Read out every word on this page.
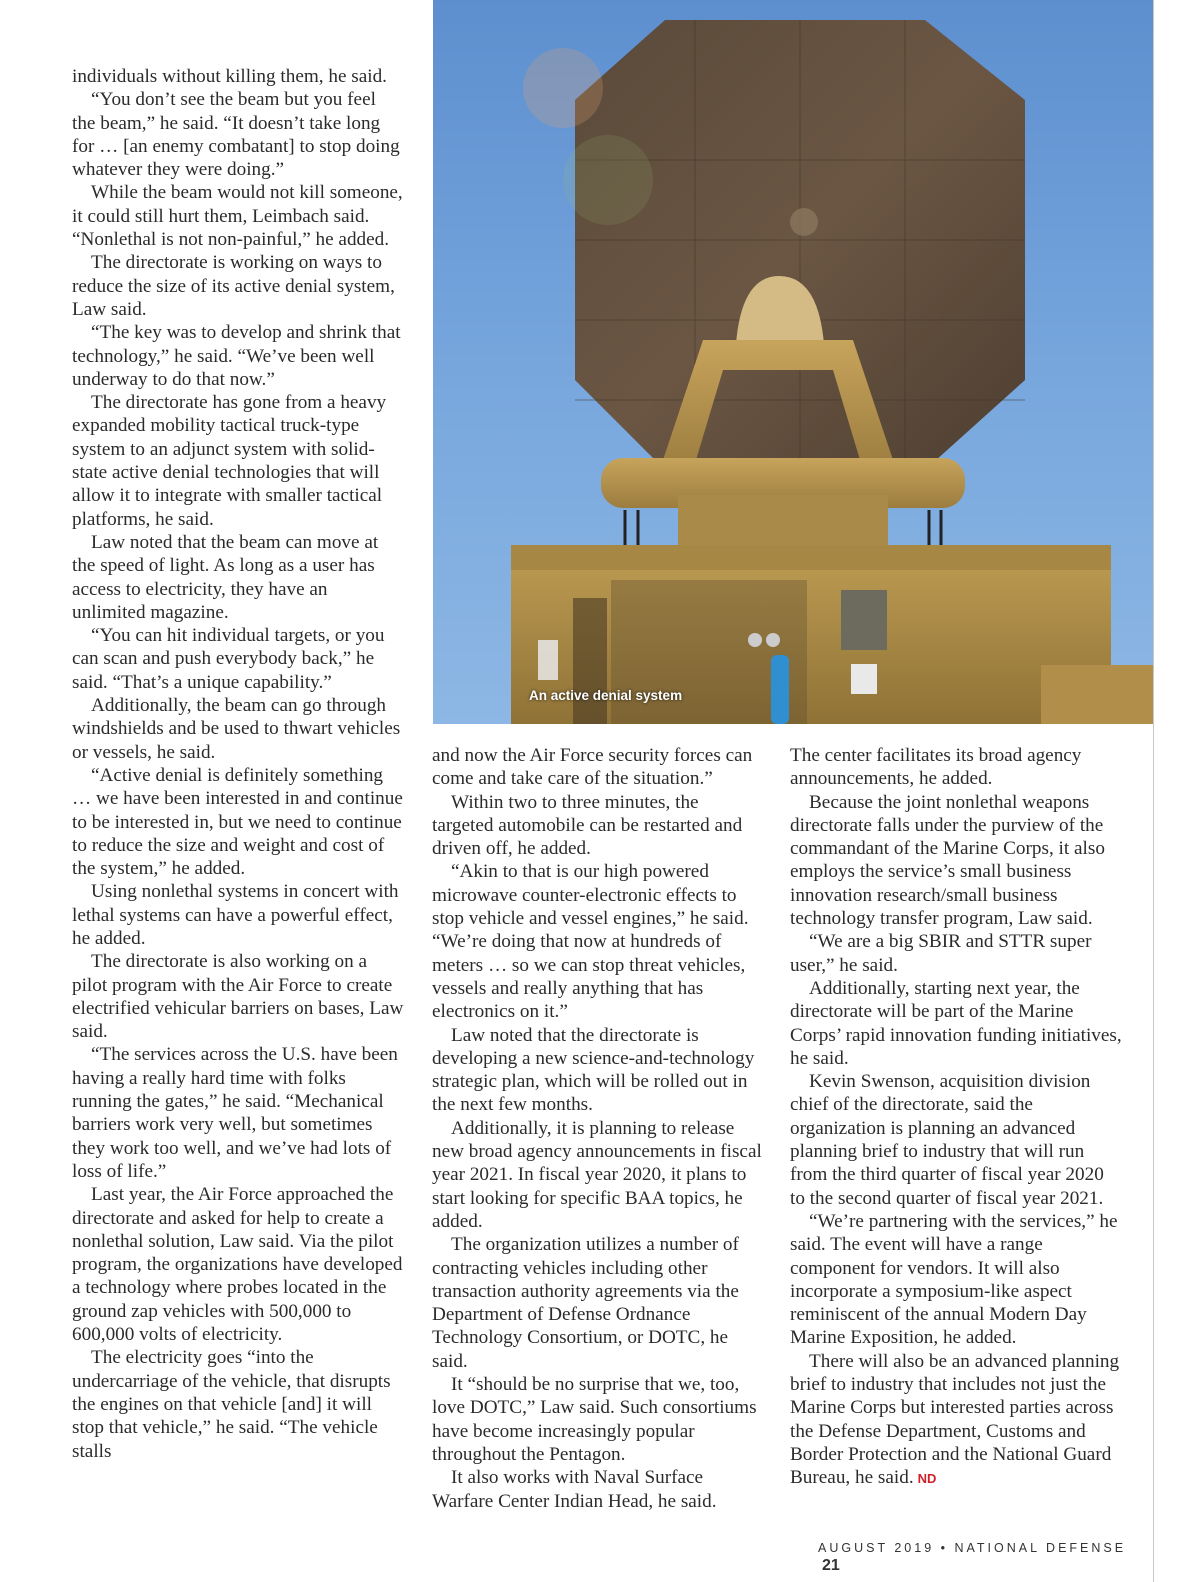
individuals without killing them, he said.

“You don’t see the beam but you feel the beam,” he said. “It doesn’t take long for … [an enemy combatant] to stop doing whatever they were doing.”

While the beam would not kill someone, it could still hurt them, Leimbach said. “Nonlethal is not non-painful,” he added.

The directorate is working on ways to reduce the size of its active denial system, Law said.

“The key was to develop and shrink that technology,” he said. “We’ve been well underway to do that now.”

The directorate has gone from a heavy expanded mobility tactical truck-type system to an adjunct system with solid-state active denial technologies that will allow it to integrate with smaller tactical platforms, he said.

Law noted that the beam can move at the speed of light. As long as a user has access to electricity, they have an unlimited magazine.

“You can hit individual targets, or you can scan and push everybody back,” he said. “That’s a unique capability.”

Additionally, the beam can go through windshields and be used to thwart vehicles or vessels, he said.

“Active denial is definitely something … we have been interested in and continue to be interested in, but we need to continue to reduce the size and weight and cost of the system,” he added.

Using nonlethal systems in concert with lethal systems can have a powerful effect, he added.

The directorate is also working on a pilot program with the Air Force to create electrified vehicular barriers on bases, Law said.

“The services across the U.S. have been having a really hard time with folks running the gates,” he said. “Mechanical barriers work very well, but sometimes they work too well, and we’ve had lots of loss of life.”

Last year, the Air Force approached the directorate and asked for help to create a nonlethal solution, Law said. Via the pilot program, the organizations have developed a technology where probes located in the ground zap vehicles with 500,000 to 600,000 volts of electricity.

The electricity goes “into the undercarriage of the vehicle, that disrupts the engines on that vehicle [and] it will stop that vehicle,” he said. “The vehicle stalls

An active denial system

and now the Air Force security forces can come and take care of the situation.”

Within two to three minutes, the targeted automobile can be restarted and driven off, he added.

“Akin to that is our high powered microwave counter-electronic effects to stop vehicle and vessel engines,” he said. “We’re doing that now at hundreds of meters … so we can stop threat vehicles, vessels and really anything that has electronics on it.”

Law noted that the directorate is developing a new science-and-technology strategic plan, which will be rolled out in the next few months.

Additionally, it is planning to release new broad agency announcements in fiscal year 2021. In fiscal year 2020, it plans to start looking for specific BAA topics, he added.

The organization utilizes a number of contracting vehicles including other transaction authority agreements via the Department of Defense Ordnance Technology Consortium, or DOTC, he said.

It “should be no surprise that we, too, love DOTC,” Law said. Such consortiums have become increasingly popular throughout the Pentagon.

It also works with Naval Surface Warfare Center Indian Head, he said.

The center facilitates its broad agency announcements, he added.

Because the joint nonlethal weapons directorate falls under the purview of the commandant of the Marine Corps, it also employs the service’s small business innovation research/small business technology transfer program, Law said.

“We are a big SBIR and STTR super user,” he said.

Additionally, starting next year, the directorate will be part of the Marine Corps’ rapid innovation funding initiatives, he said.

Kevin Swenson, acquisition division chief of the directorate, said the organization is planning an advanced planning brief to industry that will run from the third quarter of fiscal year 2020 to the second quarter of fiscal year 2021.

“We’re partnering with the services,” he said. The event will have a range component for vendors. It will also incorporate a symposium-like aspect reminiscent of the annual Modern Day Marine Exposition, he added.

There will also be an advanced planning brief to industry that includes not just the Marine Corps but interested parties across the Defense Department, Customs and Border Protection and the National Guard Bureau, he said. ND

AUGUST 2019 • NATIONAL DEFENSE 21
